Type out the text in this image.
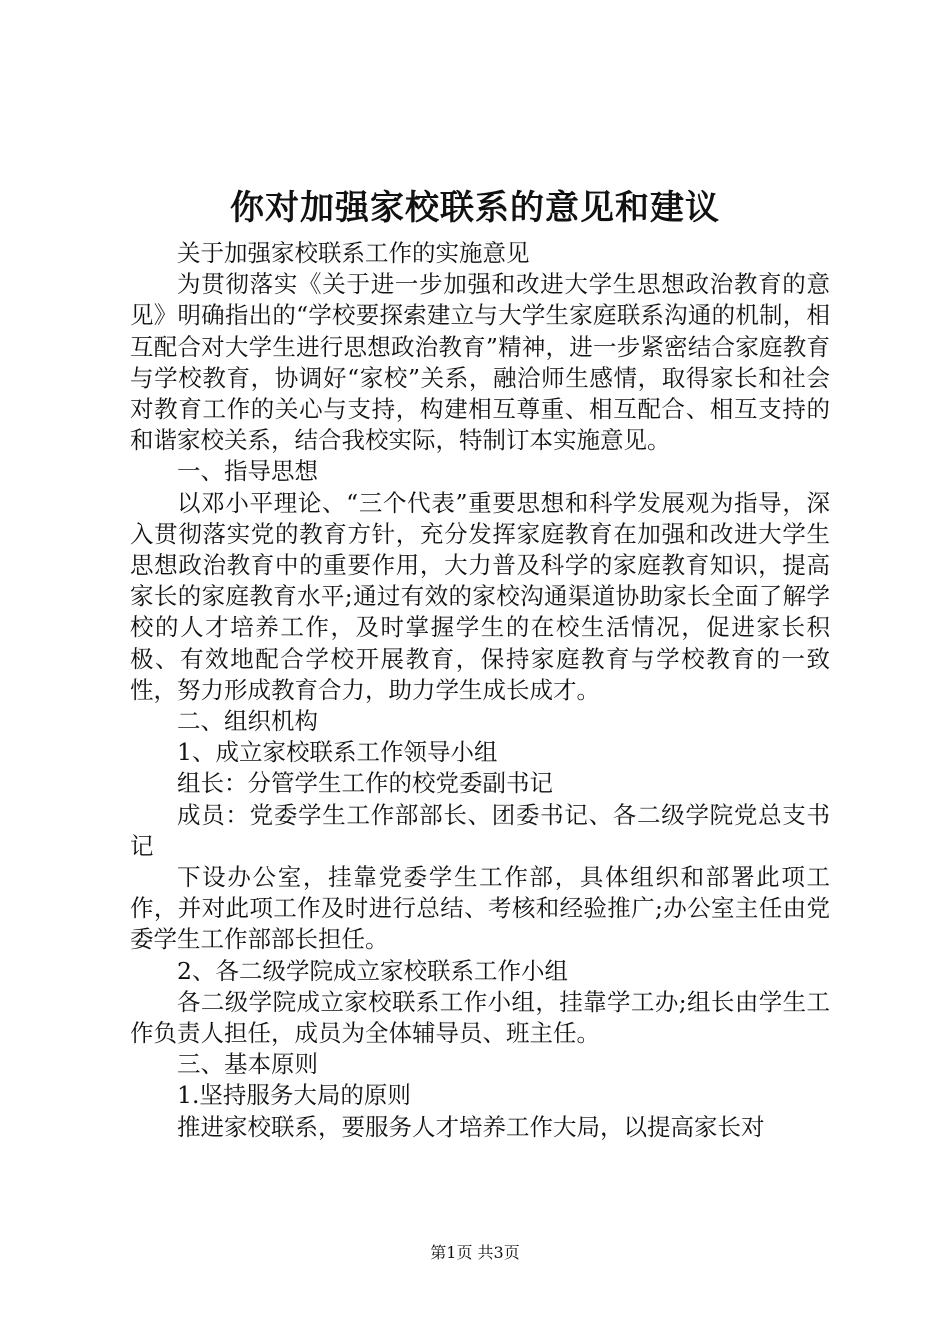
你对加强家校联系的意见和建议

关于加强家校联系工作的实施意见

为贯彻落实《关于进一步加强和改进大学生思想政治教育的意见》明确指出的“学校要探索建立与大学生家庭联系沟通的机制，相互配合对大学生进行思想政治教育”精神，进一步紧密结合家庭教育与学校教育，协调好“家校”关系，融洽师生感情，取得家长和社会对教育工作的关心与支持，构建相互尊重、相互配合、相互支持的和谐家校关系，结合我校实际，特制订本实施意见。

一、指导思想

以邓小平理论、“三个代表”重要思想和科学发展观为指导，深入贯彻落实党的教育方针，充分发挥家庭教育在加强和改进大学生思想政治教育中的重要作用，大力普及科学的家庭教育知识，提高家长的家庭教育水平;通过有效的家校沟通渠道协助家长全面了解学校的人才培养工作，及时掌握学生的在校生活情况，促进家长积极、有效地配合学校开展教育，保持家庭教育与学校教育的一致性，努力形成教育合力，助力学生成长成才。

二、组织机构

1、成立家校联系工作领导小组

组长：分管学生工作的校党委副书记

成员：党委学生工作部部长、团委书记、各二级学院党总支书记

下设办公室，挂靠党委学生工作部，具体组织和部署此项工作，并对此项工作及时进行总结、考核和经验推广;办公室主任由党委学生工作部部长担任。

2、各二级学院成立家校联系工作小组

各二级学院成立家校联系工作小组，挂靠学工办;组长由学生工作负责人担任，成员为全体辅导员、班主任。

三、基本原则

1.坚持服务大局的原则

推进家校联系，要服务人才培养工作大局，以提高家长对

第1页 共3页
